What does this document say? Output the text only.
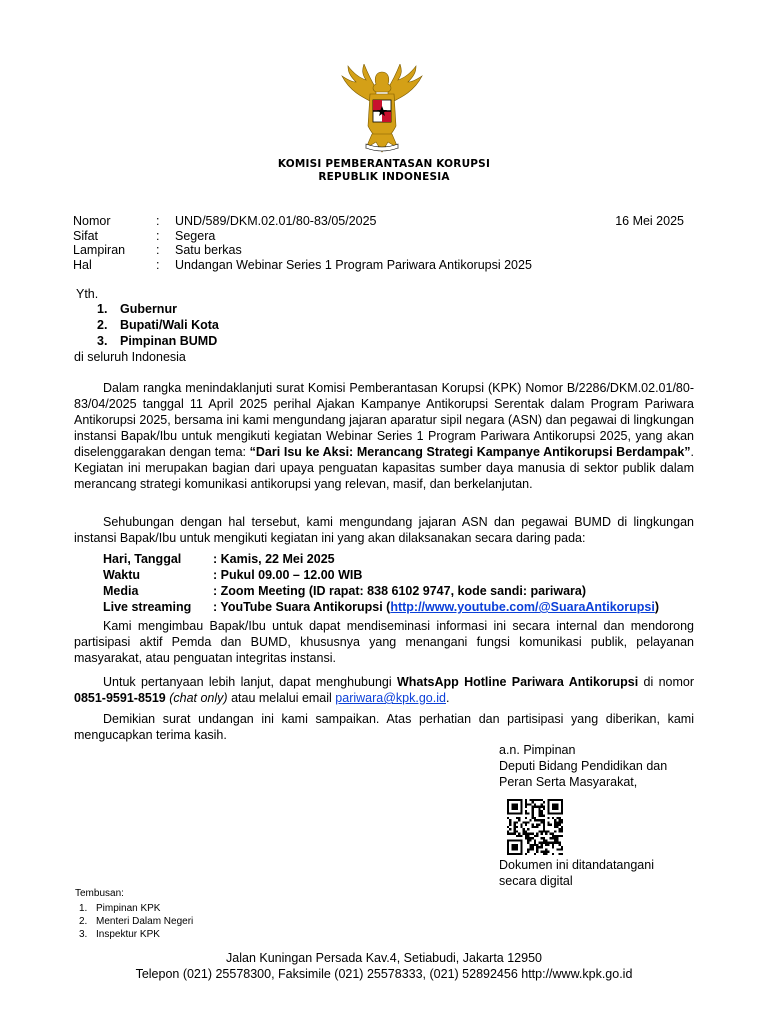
KOMISI PEMBERANTASAN KORUPSI
REPUBLIK INDONESIA
Nomor	:	UND/589/DKM.02.01/80-83/05/2025
Sifat	:	Segera
Lampiran	:	Satu berkas
Hal	:	Undangan Webinar Series 1 Program Pariwara Antikorupsi 2025
16 Mei 2025
Yth.
1.	Gubernur
2.	Bupati/Wali Kota
3.	Pimpinan BUMD
di seluruh Indonesia
Dalam rangka menindaklanjuti surat Komisi Pemberantasan Korupsi (KPK) Nomor B/2286/DKM.02.01/80-83/04/2025 tanggal 11 April 2025 perihal Ajakan Kampanye Antikorupsi Serentak dalam Program Pariwara Antikorupsi 2025, bersama ini kami mengundang jajaran aparatur sipil negara (ASN) dan pegawai di lingkungan instansi Bapak/Ibu untuk mengikuti kegiatan Webinar Series 1 Program Pariwara Antikorupsi 2025, yang akan diselenggarakan dengan tema: “Dari Isu ke Aksi: Merancang Strategi Kampanye Antikorupsi Berdampak”. Kegiatan ini merupakan bagian dari upaya penguatan kapasitas sumber daya manusia di sektor publik dalam merancang strategi komunikasi antikorupsi yang relevan, masif, dan berkelanjutan.
Sehubungan dengan hal tersebut, kami mengundang jajaran ASN dan pegawai BUMD di lingkungan instansi Bapak/Ibu untuk mengikuti kegiatan ini yang akan dilaksanakan secara daring pada:
Hari, Tanggal	: Kamis, 22 Mei 2025
Waktu	: Pukul 09.00 – 12.00 WIB
Media	: Zoom Meeting (ID rapat: 838 6102 9747, kode sandi: pariwara)
Live streaming	: YouTube Suara Antikorupsi ( http://www.youtube.com/@SuaraAntikorupsi )
Kami mengimbau Bapak/Ibu untuk dapat mendiseminasi informasi ini secara internal dan mendorong partisipasi aktif Pemda dan BUMD, khususnya yang menangani fungsi komunikasi publik, pelayanan masyarakat, atau penguatan integritas instansi.
Untuk pertanyaan lebih lanjut, dapat menghubungi WhatsApp Hotline Pariwara Antikorupsi di nomor 0851-9591-8519 (chat only) atau melalui email pariwara@kpk.go.id.
Demikian surat undangan ini kami sampaikan. Atas perhatian dan partisipasi yang diberikan, kami mengucapkan terima kasih.
a.n. Pimpinan
Deputi Bidang Pendidikan dan
Peran Serta Masyarakat,
Dokumen ini ditandatangani
secara digital
Tembusan:
1. Pimpinan KPK
2. Menteri Dalam Negeri
3. Inspektur KPK
Jalan Kuningan Persada Kav.4, Setiabudi, Jakarta 12950
Telepon (021) 25578300, Faksimile (021) 25578333, (021) 52892456 http://www.kpk.go.id
